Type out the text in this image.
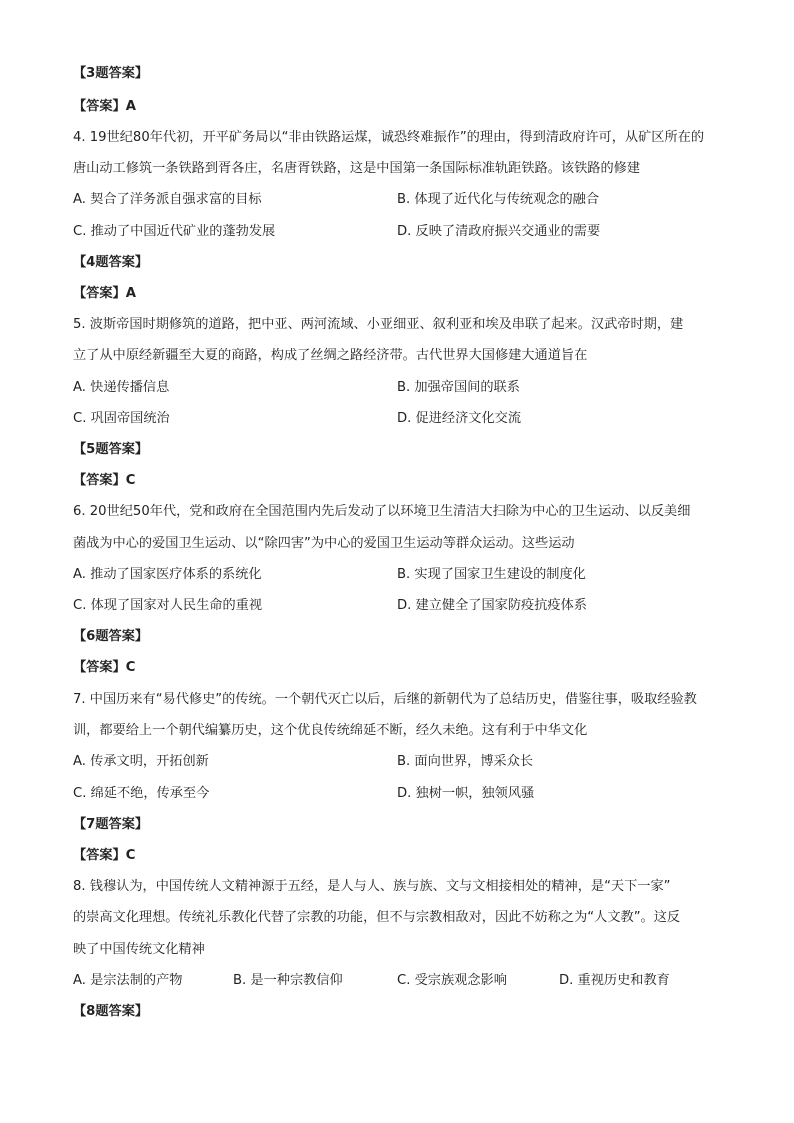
【3题答案】
【答案】A
4. 19世纪80年代初，开平矿务局以“非由铁路运煤，诚恐终难振作”的理由，得到清政府许可，从矿区所在的
唐山动工修筑一条铁路到胥各庄，名唐胥铁路，这是中国第一条国际标准轨距铁路。该铁路的修建
A. 契合了洋务派自强求富的目标	B. 体现了近代化与传统观念的融合
C. 推动了中国近代矿业的蓬勃发展	D. 反映了清政府振兴交通业的需要
【4题答案】
【答案】A
5. 波斯帝国时期修筑的道路，把中亚、两河流域、小亚细亚、叙利亚和埃及串联了起来。汉武帝时期，建
立了从中原经新疆至大夏的商路，构成了丝绸之路经济带。古代世界大国修建大通道旨在
A. 快递传播信息	B. 加强帝国间的联系
C. 巩固帝国统治	D. 促进经济文化交流
【5题答案】
【答案】C
6. 20世纪50年代，党和政府在全国范围内先后发动了以环境卫生清洁大扫除为中心的卫生运动、以反美细
菌战为中心的爱国卫生运动、以“除四害”为中心的爱国卫生运动等群众运动。这些运动
A. 推动了国家医疗体系的系统化	B. 实现了国家卫生建设的制度化
C. 体现了国家对人民生命的重视	D. 建立健全了国家防疫抗疫体系
【6题答案】
【答案】C
7. 中国历来有“易代修史”的传统。一个朝代灭亡以后，后继的新朝代为了总结历史，借鉴往事，吸取经验教
训，都要给上一个朝代编纂历史，这个优良传统绵延不断，经久未绝。这有利于中华文化
A. 传承文明，开拓创新	B. 面向世界，博采众长
C. 绵延不绝，传承至今	D. 独树一帜，独领风骚
【7题答案】
【答案】C
8. 钱穆认为，中国传统人文精神源于五经，是人与人、族与族、文与文相接相处的精神，是“天下一家”
的崇高文化理想。传统礼乐教化代替了宗教的功能，但不与宗教相敌对，因此不妨称之为“人文教”。这反
映了中国传统文化精神
A. 是宗法制的产物	B. 是一种宗教信仰	C. 受宗族观念影响	D. 重视历史和教育
【8题答案】
